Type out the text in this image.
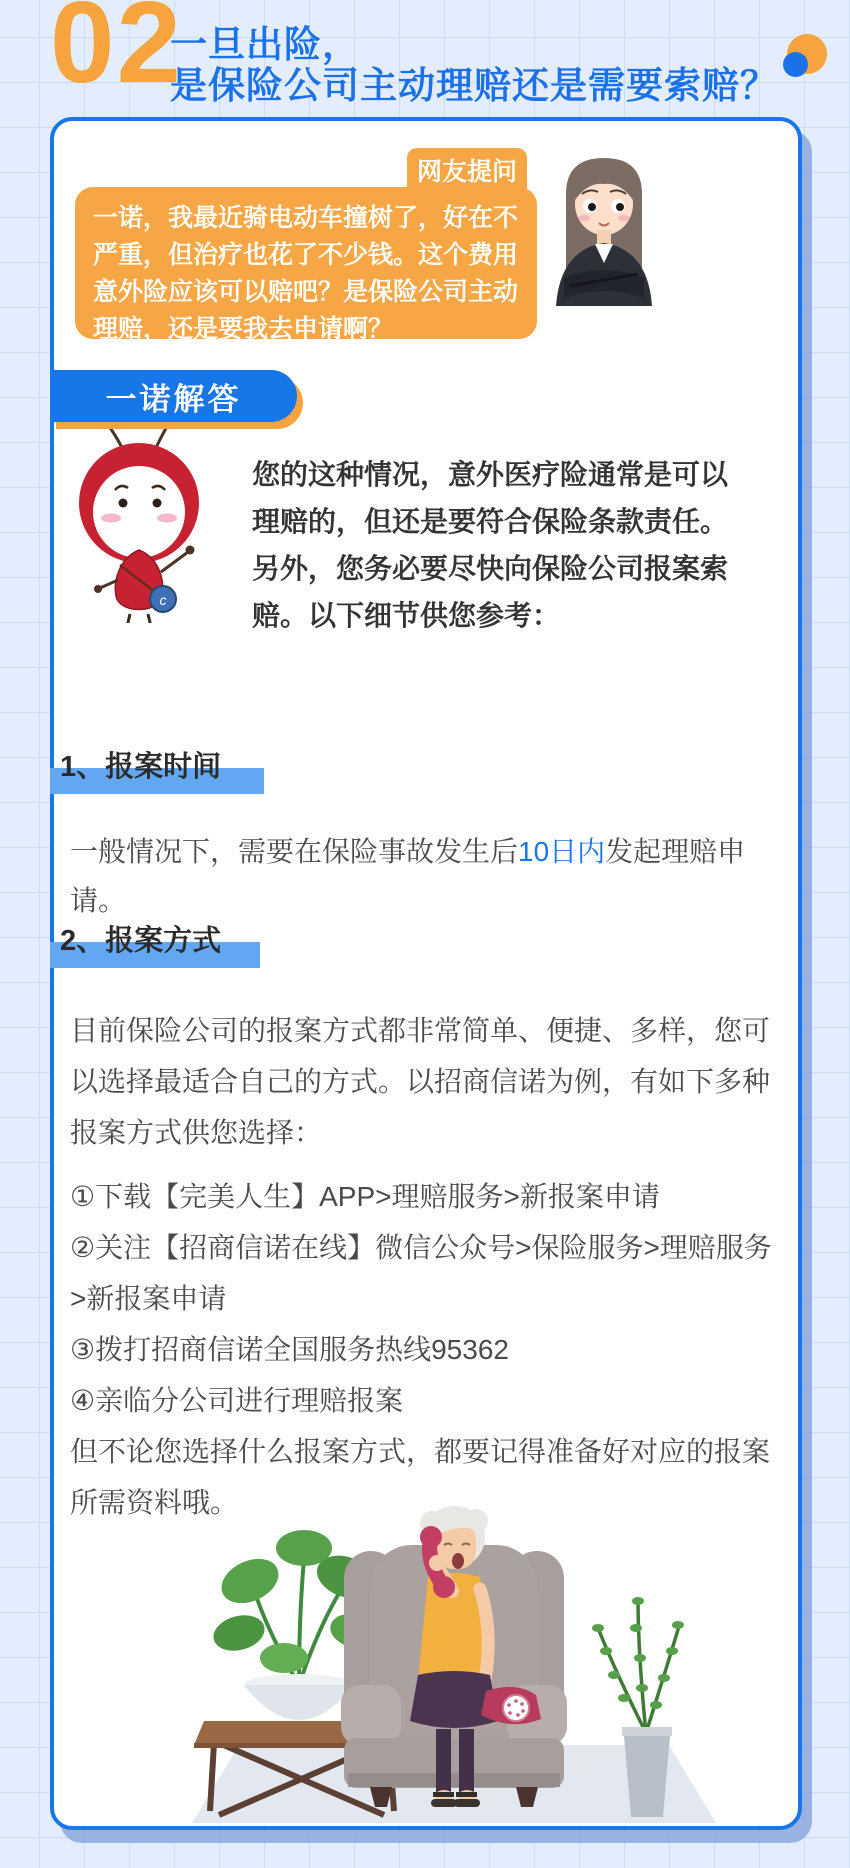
02
一旦出险，
是保险公司主动理赔还是需要索赔？
网友提问
一诺，我最近骑电动车撞树了，好在不严重，但治疗也花了不少钱。这个费用意外险应该可以赔吧？是保险公司主动理赔，还是要我去申请啊？
一诺解答
c
您的这种情况，意外医疗险通常是可以理赔的，但还是要符合保险条款责任。另外，您务必要尽快向保险公司报案索赔。以下细节供您参考：
1、报案时间
一般情况下，需要在保险事故发生后10日内发起理赔申请。
2、报案方式

目前保险公司的报案方式都非常简单、便捷、多样，您可以选择最适合自己的方式。以招商信诺为例，有如下多种报案方式供您选择：

①下载【完美人生】APP>理赔服务>新报案申请

②关注【招商信诺在线】微信公众号>保险服务>理赔服务>新报案申请

③拨打招商信诺全国服务热线95362

④亲临分公司进行理赔报案

但不论您选择什么报案方式，都要记得准备好对应的报案所需资料哦。
